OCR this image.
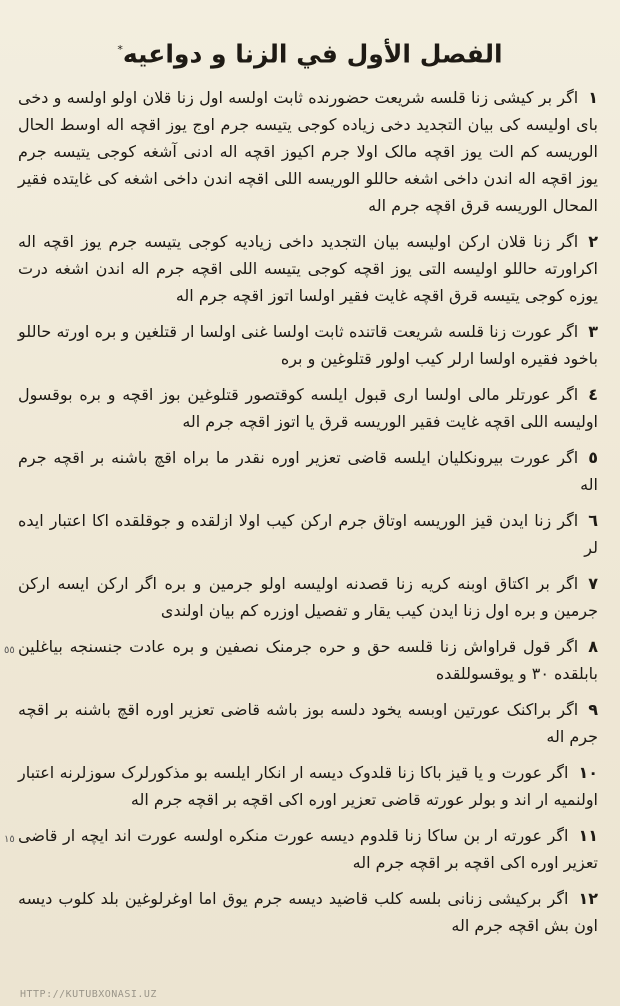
الفصل الأول في الزنا و دواعيه*

١اگر بر کیشی زنا قلسه شریعت حضورنده ثابت اولسه اول زنا قلان اولو اولسه و دخی بای اولیسه کی بیان التجدید دخی زیاده کوجی یتیسه جرم اوج یوز اقچه اله اوسط الحال الوریسه کم الت یوز اقچه مالک اولا جرم اکیوز اقچه اله ادنی آشغه کوجی یتیسه جرم یوز اقچه اله اندن داخی اشغه حاللو الوریسه اللی اقچه اندن داخی اشغه کی غایتده فقیر المحال الوریسه قرق اقچه جرم اله

٢اگر زنا قلان ارکن اولیسه بیان التجدید داخی زیادیه کوجی یتیسه جرم یوز اقچه اله اکراورته حاللو اولیسه التی یوز اقچه کوجی یتیسه اللی اقچه جرم اله اندن اشغه درت یوزه کوجی یتیسه قرق اقچه غایت فقیر اولسا اتوز اقچه جرم اله

٣اگر عورت زنا قلسه شریعت قاتنده ثابت اولسا غنی اولسا ار قتلغین و بره اورته حاللو باخود فقیره اولسا ارلر کیب اولور قتلوغین و بره

٤اگر عورتلر مالی اولسا اری قبول ایلسه کوقتصور قتلوغین بوز اقچه و بره بوقسول اولیسه اللی اقچه غایت فقیر الوریسه قرق یا اتوز اقچه جرم اله

٥اگر عورت بیرونکلیان ایلسه قاضی تعزیر اوره نقدر ما براه اقچ باشنه بر اقچه جرم اله

٦اگر زنا ایدن قیز الوریسه اوتاق جرم ارکن کیب اولا ازلقده و جوقلقده اکا اعتبار ایده لر

٧اگر بر اکتاق اوبنه کریه زنا قصدنه اولیسه اولو جرمین و بره اگر ارکن ایسه ارکن جرمین و بره اول زنا ایدن کیب یقار و تفصیل اوزره کم بیان اولندی

٨اگر قول قراواش زنا قلسه حق و حره جرمنک نصفین و بره عادت جنسنجه بیاغلین بابلقده ٣٠ و یوقسوللقده
٥٥

٩اگر براکنک عورتین اوبسه یخود دلسه بوز باشه قاضی تعزیر اوره اقچ باشنه بر اقچه جرم اله

١٠اگر عورت و یا قیز باکا زنا قلدوک دیسه ار انکار ایلسه بو مذکورلرک سوزلرنه اعتبار اولنمیه ار اند و بولر عورته قاضی تعزیر اوره اکی اقچه بر اقچه جرم اله

١١اگر عورته ار بن ساکا زنا قلدوم دیسه عورت منکره اولسه عورت اند ایچه ار قاضی تعزیر اوره اکی اقچه بر اقچه جرم اله
١٥

١٢اگر برکیشی زنانی بلسه کلب قاضید دیسه جرم یوق اما اوغرلوغین بلد کلوب دیسه اون بش اقچه جرم اله

HTTP://KUTUBXONASI.UZ
